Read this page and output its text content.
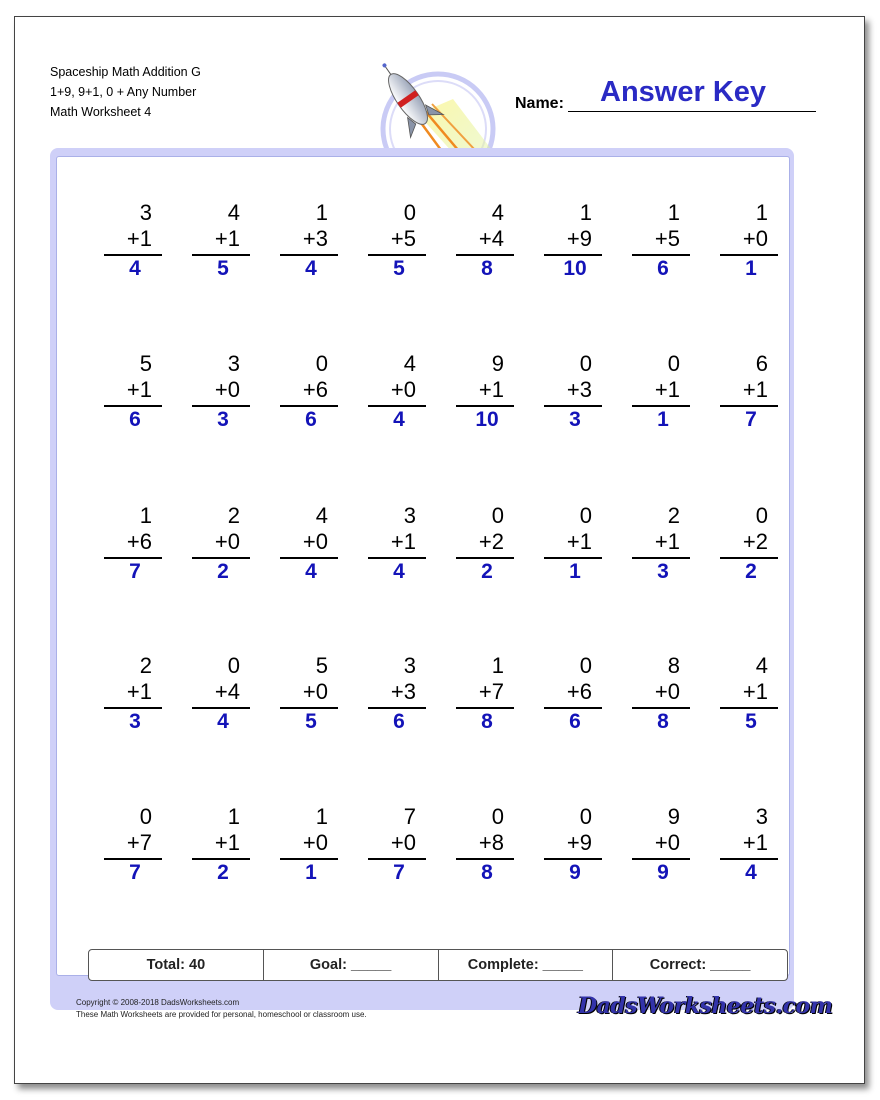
Spaceship Math Addition G
1+9, 9+1, 0 + Any Number
Math Worksheet 4
Answer Key
Name:
3
+1
4
4
+1
5
1
+3
4
0
+5
5
4
+4
8
1
+9
10
1
+5
6
1
+0
1
5
+1
6
3
+0
3
0
+6
6
4
+0
4
9
+1
10
0
+3
3
0
+1
1
6
+1
7
1
+6
7
2
+0
2
4
+0
4
3
+1
4
0
+2
2
0
+1
1
2
+1
3
0
+2
2
2
+1
3
0
+4
4
5
+0
5
3
+3
6
1
+7
8
0
+6
6
8
+0
8
4
+1
5
0
+7
7
1
+1
2
1
+0
1
7
+0
7
0
+8
8
0
+9
9
9
+0
9
3
+1
4
Total: 40	Goal: _____	Complete: _____	Correct: _____
Copyright © 2008-2018 DadsWorksheets.com
These Math Worksheets are provided for personal, homeschool or classroom use.	DadsWorksheets.com
